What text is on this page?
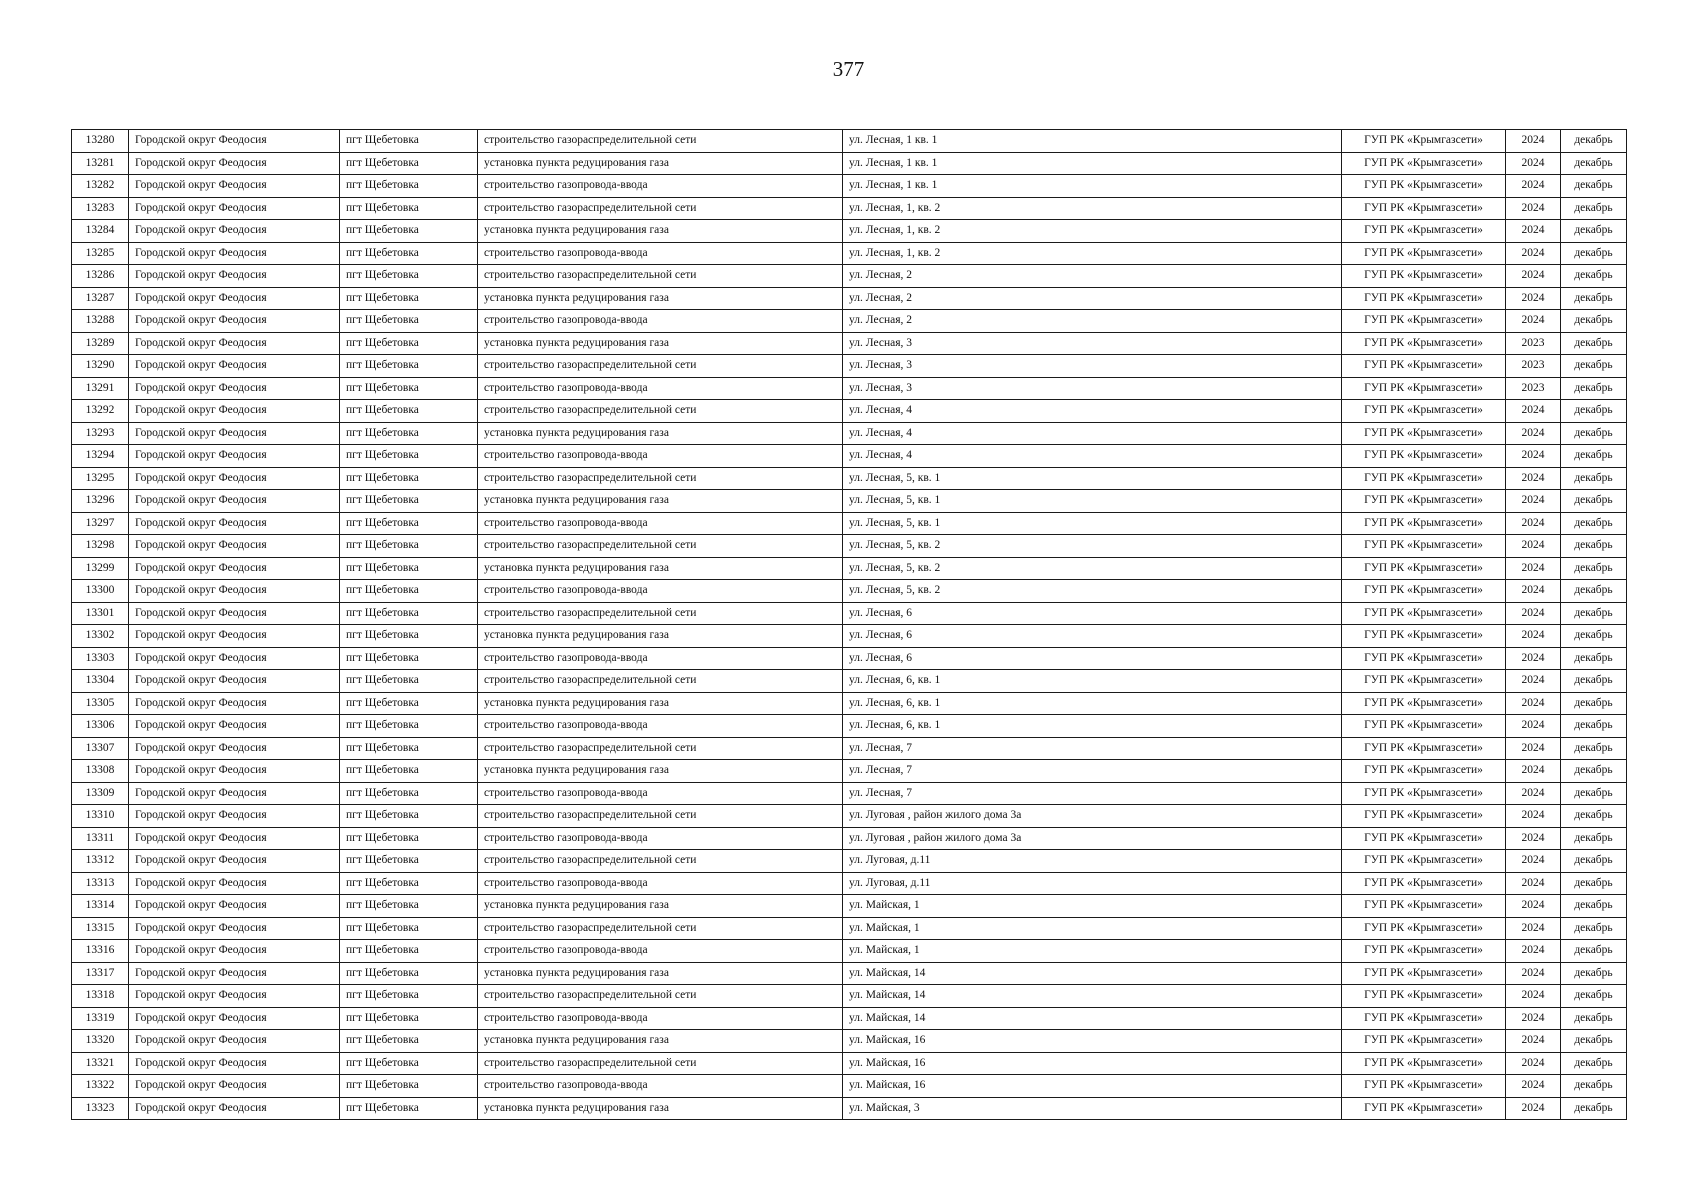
377
13280	Городской округ Феодосия	пгт Щебетовка	строительство газораспределительной сети	ул. Лесная, 1 кв. 1	ГУП РК «Крымгазсети»	2024	декабрь
13281	Городской округ Феодосия	пгт Щебетовка	установка пункта редуцирования газа	ул. Лесная, 1 кв. 1	ГУП РК «Крымгазсети»	2024	декабрь
13282	Городской округ Феодосия	пгт Щебетовка	строительство газопровода-ввода	ул. Лесная, 1 кв. 1	ГУП РК «Крымгазсети»	2024	декабрь
13283	Городской округ Феодосия	пгт Щебетовка	строительство газораспределительной сети	ул. Лесная, 1, кв. 2	ГУП РК «Крымгазсети»	2024	декабрь
13284	Городской округ Феодосия	пгт Щебетовка	установка пункта редуцирования газа	ул. Лесная, 1, кв. 2	ГУП РК «Крымгазсети»	2024	декабрь
13285	Городской округ Феодосия	пгт Щебетовка	строительство газопровода-ввода	ул. Лесная, 1, кв. 2	ГУП РК «Крымгазсети»	2024	декабрь
13286	Городской округ Феодосия	пгт Щебетовка	строительство газораспределительной сети	ул. Лесная, 2	ГУП РК «Крымгазсети»	2024	декабрь
13287	Городской округ Феодосия	пгт Щебетовка	установка пункта редуцирования газа	ул. Лесная, 2	ГУП РК «Крымгазсети»	2024	декабрь
13288	Городской округ Феодосия	пгт Щебетовка	строительство газопровода-ввода	ул. Лесная, 2	ГУП РК «Крымгазсети»	2024	декабрь
13289	Городской округ Феодосия	пгт Щебетовка	установка пункта редуцирования газа	ул. Лесная, 3	ГУП РК «Крымгазсети»	2023	декабрь
13290	Городской округ Феодосия	пгт Щебетовка	строительство газораспределительной сети	ул. Лесная, 3	ГУП РК «Крымгазсети»	2023	декабрь
13291	Городской округ Феодосия	пгт Щебетовка	строительство газопровода-ввода	ул. Лесная, 3	ГУП РК «Крымгазсети»	2023	декабрь
13292	Городской округ Феодосия	пгт Щебетовка	строительство газораспределительной сети	ул. Лесная, 4	ГУП РК «Крымгазсети»	2024	декабрь
13293	Городской округ Феодосия	пгт Щебетовка	установка пункта редуцирования газа	ул. Лесная, 4	ГУП РК «Крымгазсети»	2024	декабрь
13294	Городской округ Феодосия	пгт Щебетовка	строительство газопровода-ввода	ул. Лесная, 4	ГУП РК «Крымгазсети»	2024	декабрь
13295	Городской округ Феодосия	пгт Щебетовка	строительство газораспределительной сети	ул. Лесная, 5, кв. 1	ГУП РК «Крымгазсети»	2024	декабрь
13296	Городской округ Феодосия	пгт Щебетовка	установка пункта редуцирования газа	ул. Лесная, 5, кв. 1	ГУП РК «Крымгазсети»	2024	декабрь
13297	Городской округ Феодосия	пгт Щебетовка	строительство газопровода-ввода	ул. Лесная, 5, кв. 1	ГУП РК «Крымгазсети»	2024	декабрь
13298	Городской округ Феодосия	пгт Щебетовка	строительство газораспределительной сети	ул. Лесная, 5, кв. 2	ГУП РК «Крымгазсети»	2024	декабрь
13299	Городской округ Феодосия	пгт Щебетовка	установка пункта редуцирования газа	ул. Лесная, 5, кв. 2	ГУП РК «Крымгазсети»	2024	декабрь
13300	Городской округ Феодосия	пгт Щебетовка	строительство газопровода-ввода	ул. Лесная, 5, кв. 2	ГУП РК «Крымгазсети»	2024	декабрь
13301	Городской округ Феодосия	пгт Щебетовка	строительство газораспределительной сети	ул. Лесная, 6	ГУП РК «Крымгазсети»	2024	декабрь
13302	Городской округ Феодосия	пгт Щебетовка	установка пункта редуцирования газа	ул. Лесная, 6	ГУП РК «Крымгазсети»	2024	декабрь
13303	Городской округ Феодосия	пгт Щебетовка	строительство газопровода-ввода	ул. Лесная, 6	ГУП РК «Крымгазсети»	2024	декабрь
13304	Городской округ Феодосия	пгт Щебетовка	строительство газораспределительной сети	ул. Лесная, 6, кв. 1	ГУП РК «Крымгазсети»	2024	декабрь
13305	Городской округ Феодосия	пгт Щебетовка	установка пункта редуцирования газа	ул. Лесная, 6, кв. 1	ГУП РК «Крымгазсети»	2024	декабрь
13306	Городской округ Феодосия	пгт Щебетовка	строительство газопровода-ввода	ул. Лесная, 6, кв. 1	ГУП РК «Крымгазсети»	2024	декабрь
13307	Городской округ Феодосия	пгт Щебетовка	строительство газораспределительной сети	ул. Лесная, 7	ГУП РК «Крымгазсети»	2024	декабрь
13308	Городской округ Феодосия	пгт Щебетовка	установка пункта редуцирования газа	ул. Лесная, 7	ГУП РК «Крымгазсети»	2024	декабрь
13309	Городской округ Феодосия	пгт Щебетовка	строительство газопровода-ввода	ул. Лесная, 7	ГУП РК «Крымгазсети»	2024	декабрь
13310	Городской округ Феодосия	пгт Щебетовка	строительство газораспределительной сети	ул. Луговая , район жилого дома 3а	ГУП РК «Крымгазсети»	2024	декабрь
13311	Городской округ Феодосия	пгт Щебетовка	строительство газопровода-ввода	ул. Луговая , район жилого дома 3а	ГУП РК «Крымгазсети»	2024	декабрь
13312	Городской округ Феодосия	пгт Щебетовка	строительство газораспределительной сети	ул. Луговая, д.11	ГУП РК «Крымгазсети»	2024	декабрь
13313	Городской округ Феодосия	пгт Щебетовка	строительство газопровода-ввода	ул. Луговая, д.11	ГУП РК «Крымгазсети»	2024	декабрь
13314	Городской округ Феодосия	пгт Щебетовка	установка пункта редуцирования газа	ул. Майская, 1	ГУП РК «Крымгазсети»	2024	декабрь
13315	Городской округ Феодосия	пгт Щебетовка	строительство газораспределительной сети	ул. Майская, 1	ГУП РК «Крымгазсети»	2024	декабрь
13316	Городской округ Феодосия	пгт Щебетовка	строительство газопровода-ввода	ул. Майская, 1	ГУП РК «Крымгазсети»	2024	декабрь
13317	Городской округ Феодосия	пгт Щебетовка	установка пункта редуцирования газа	ул. Майская, 14	ГУП РК «Крымгазсети»	2024	декабрь
13318	Городской округ Феодосия	пгт Щебетовка	строительство газораспределительной сети	ул. Майская, 14	ГУП РК «Крымгазсети»	2024	декабрь
13319	Городской округ Феодосия	пгт Щебетовка	строительство газопровода-ввода	ул. Майская, 14	ГУП РК «Крымгазсети»	2024	декабрь
13320	Городской округ Феодосия	пгт Щебетовка	установка пункта редуцирования газа	ул. Майская, 16	ГУП РК «Крымгазсети»	2024	декабрь
13321	Городской округ Феодосия	пгт Щебетовка	строительство газораспределительной сети	ул. Майская, 16	ГУП РК «Крымгазсети»	2024	декабрь
13322	Городской округ Феодосия	пгт Щебетовка	строительство газопровода-ввода	ул. Майская, 16	ГУП РК «Крымгазсети»	2024	декабрь
13323	Городской округ Феодосия	пгт Щебетовка	установка пункта редуцирования газа	ул. Майская, 3	ГУП РК «Крымгазсети»	2024	декабрь
